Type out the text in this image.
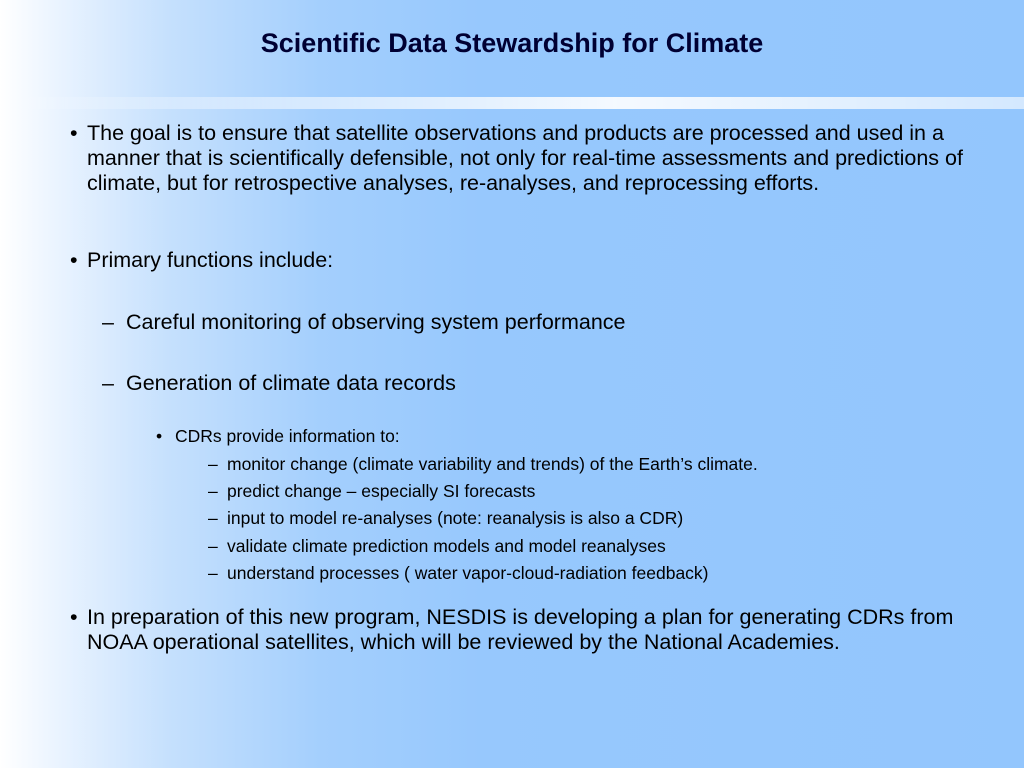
Scientific Data Stewardship for Climate
• The goal is to ensure that satellite observations and products are processed and used in a manner that is scientifically defensible, not only for real-time assessments and predictions of climate, but for retrospective analyses, re-analyses, and reprocessing efforts.
• Primary functions include:
– Careful monitoring of observing system performance
– Generation of climate data records
• CDRs provide information to:
– monitor change (climate variability and trends) of the Earth’s climate.
– predict change – especially SI forecasts
– input to model re-analyses (note: reanalysis is also a CDR)
– validate climate prediction models and model reanalyses
– understand processes ( water vapor-cloud-radiation feedback)
• In preparation of this new program, NESDIS is developing a plan for generating CDRs from NOAA operational satellites, which will be reviewed by the National Academies.
